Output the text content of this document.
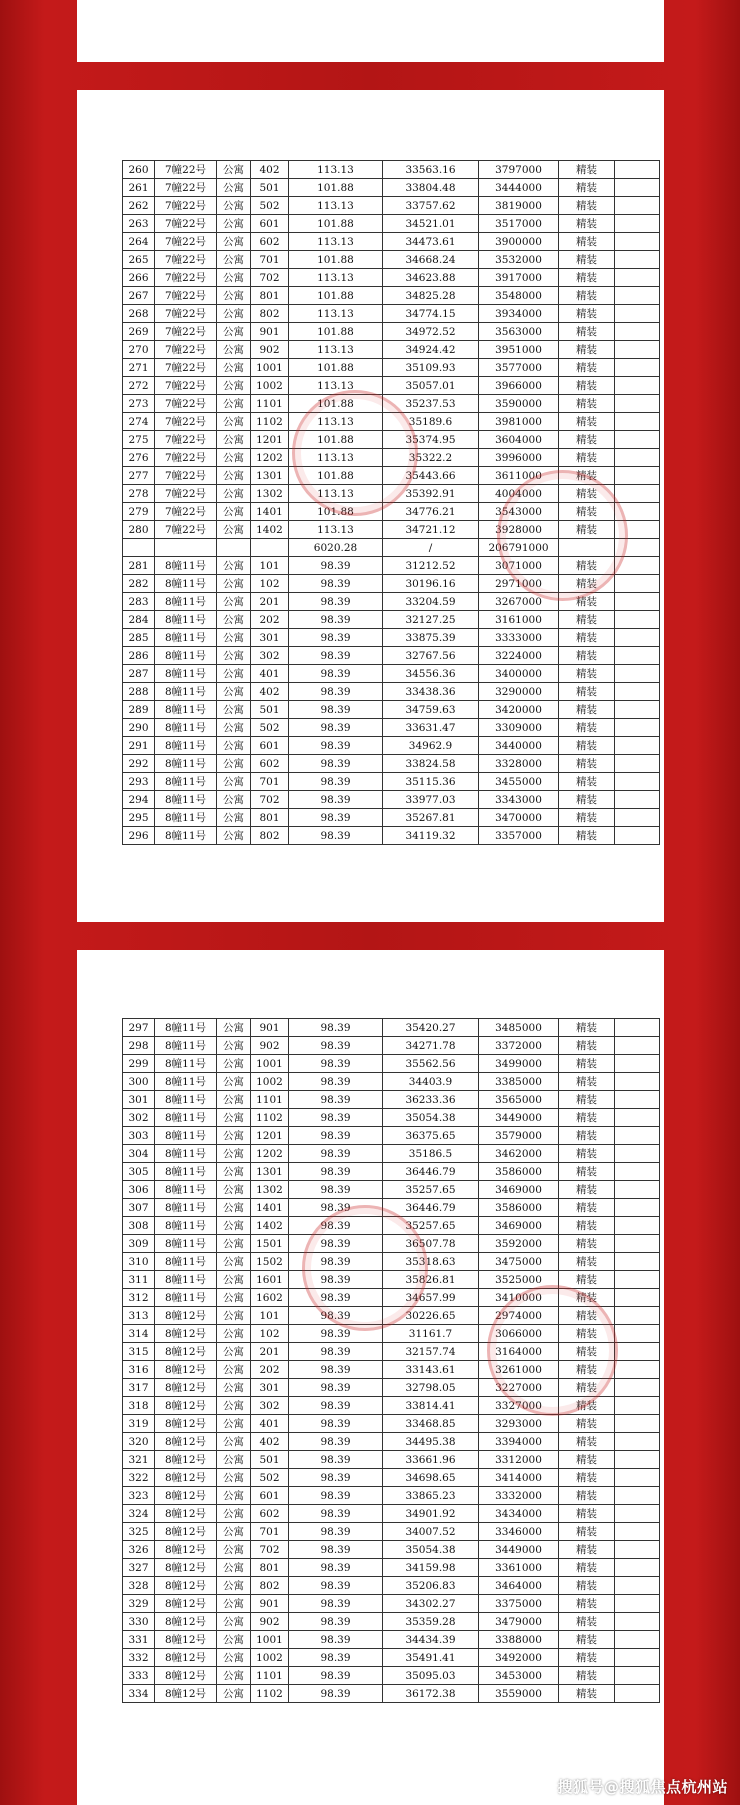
260	7幢22号	公寓	402	113.13	33563.16	3797000	精装	
261	7幢22号	公寓	501	101.88	33804.48	3444000	精装	
262	7幢22号	公寓	502	113.13	33757.62	3819000	精装	
263	7幢22号	公寓	601	101.88	34521.01	3517000	精装	
264	7幢22号	公寓	602	113.13	34473.61	3900000	精装	
265	7幢22号	公寓	701	101.88	34668.24	3532000	精装	
266	7幢22号	公寓	702	113.13	34623.88	3917000	精装	
267	7幢22号	公寓	801	101.88	34825.28	3548000	精装	
268	7幢22号	公寓	802	113.13	34774.15	3934000	精装	
269	7幢22号	公寓	901	101.88	34972.52	3563000	精装	
270	7幢22号	公寓	902	113.13	34924.42	3951000	精装	
271	7幢22号	公寓	1001	101.88	35109.93	3577000	精装	
272	7幢22号	公寓	1002	113.13	35057.01	3966000	精装	
273	7幢22号	公寓	1101	101.88	35237.53	3590000	精装	
274	7幢22号	公寓	1102	113.13	35189.6	3981000	精装	
275	7幢22号	公寓	1201	101.88	35374.95	3604000	精装	
276	7幢22号	公寓	1202	113.13	35322.2	3996000	精装	
277	7幢22号	公寓	1301	101.88	35443.66	3611000	精装	
278	7幢22号	公寓	1302	113.13	35392.91	4004000	精装	
279	7幢22号	公寓	1401	101.88	34776.21	3543000	精装	
280	7幢22号	公寓	1402	113.13	34721.12	3928000	精装	
				6020.28	/	206791000		
281	8幢11号	公寓	101	98.39	31212.52	3071000	精装	
282	8幢11号	公寓	102	98.39	30196.16	2971000	精装	
283	8幢11号	公寓	201	98.39	33204.59	3267000	精装	
284	8幢11号	公寓	202	98.39	32127.25	3161000	精装	
285	8幢11号	公寓	301	98.39	33875.39	3333000	精装	
286	8幢11号	公寓	302	98.39	32767.56	3224000	精装	
287	8幢11号	公寓	401	98.39	34556.36	3400000	精装	
288	8幢11号	公寓	402	98.39	33438.36	3290000	精装	
289	8幢11号	公寓	501	98.39	34759.63	3420000	精装	
290	8幢11号	公寓	502	98.39	33631.47	3309000	精装	
291	8幢11号	公寓	601	98.39	34962.9	3440000	精装	
292	8幢11号	公寓	602	98.39	33824.58	3328000	精装	
293	8幢11号	公寓	701	98.39	35115.36	3455000	精装	
294	8幢11号	公寓	702	98.39	33977.03	3343000	精装	
295	8幢11号	公寓	801	98.39	35267.81	3470000	精装	
296	8幢11号	公寓	802	98.39	34119.32	3357000	精装	
297	8幢11号	公寓	901	98.39	35420.27	3485000	精装	
298	8幢11号	公寓	902	98.39	34271.78	3372000	精装	
299	8幢11号	公寓	1001	98.39	35562.56	3499000	精装	
300	8幢11号	公寓	1002	98.39	34403.9	3385000	精装	
301	8幢11号	公寓	1101	98.39	36233.36	3565000	精装	
302	8幢11号	公寓	1102	98.39	35054.38	3449000	精装	
303	8幢11号	公寓	1201	98.39	36375.65	3579000	精装	
304	8幢11号	公寓	1202	98.39	35186.5	3462000	精装	
305	8幢11号	公寓	1301	98.39	36446.79	3586000	精装	
306	8幢11号	公寓	1302	98.39	35257.65	3469000	精装	
307	8幢11号	公寓	1401	98.39	36446.79	3586000	精装	
308	8幢11号	公寓	1402	98.39	35257.65	3469000	精装	
309	8幢11号	公寓	1501	98.39	36507.78	3592000	精装	
310	8幢11号	公寓	1502	98.39	35318.63	3475000	精装	
311	8幢11号	公寓	1601	98.39	35826.81	3525000	精装	
312	8幢11号	公寓	1602	98.39	34657.99	3410000	精装	
313	8幢12号	公寓	101	98.39	30226.65	2974000	精装	
314	8幢12号	公寓	102	98.39	31161.7	3066000	精装	
315	8幢12号	公寓	201	98.39	32157.74	3164000	精装	
316	8幢12号	公寓	202	98.39	33143.61	3261000	精装	
317	8幢12号	公寓	301	98.39	32798.05	3227000	精装	
318	8幢12号	公寓	302	98.39	33814.41	3327000	精装	
319	8幢12号	公寓	401	98.39	33468.85	3293000	精装	
320	8幢12号	公寓	402	98.39	34495.38	3394000	精装	
321	8幢12号	公寓	501	98.39	33661.96	3312000	精装	
322	8幢12号	公寓	502	98.39	34698.65	3414000	精装	
323	8幢12号	公寓	601	98.39	33865.23	3332000	精装	
324	8幢12号	公寓	602	98.39	34901.92	3434000	精装	
325	8幢12号	公寓	701	98.39	34007.52	3346000	精装	
326	8幢12号	公寓	702	98.39	35054.38	3449000	精装	
327	8幢12号	公寓	801	98.39	34159.98	3361000	精装	
328	8幢12号	公寓	802	98.39	35206.83	3464000	精装	
329	8幢12号	公寓	901	98.39	34302.27	3375000	精装	
330	8幢12号	公寓	902	98.39	35359.28	3479000	精装	
331	8幢12号	公寓	1001	98.39	34434.39	3388000	精装	
332	8幢12号	公寓	1002	98.39	35491.41	3492000	精装	
333	8幢12号	公寓	1101	98.39	35095.03	3453000	精装	
334	8幢12号	公寓	1102	98.39	36172.38	3559000	精装	
搜狐号@搜狐焦点杭州站
